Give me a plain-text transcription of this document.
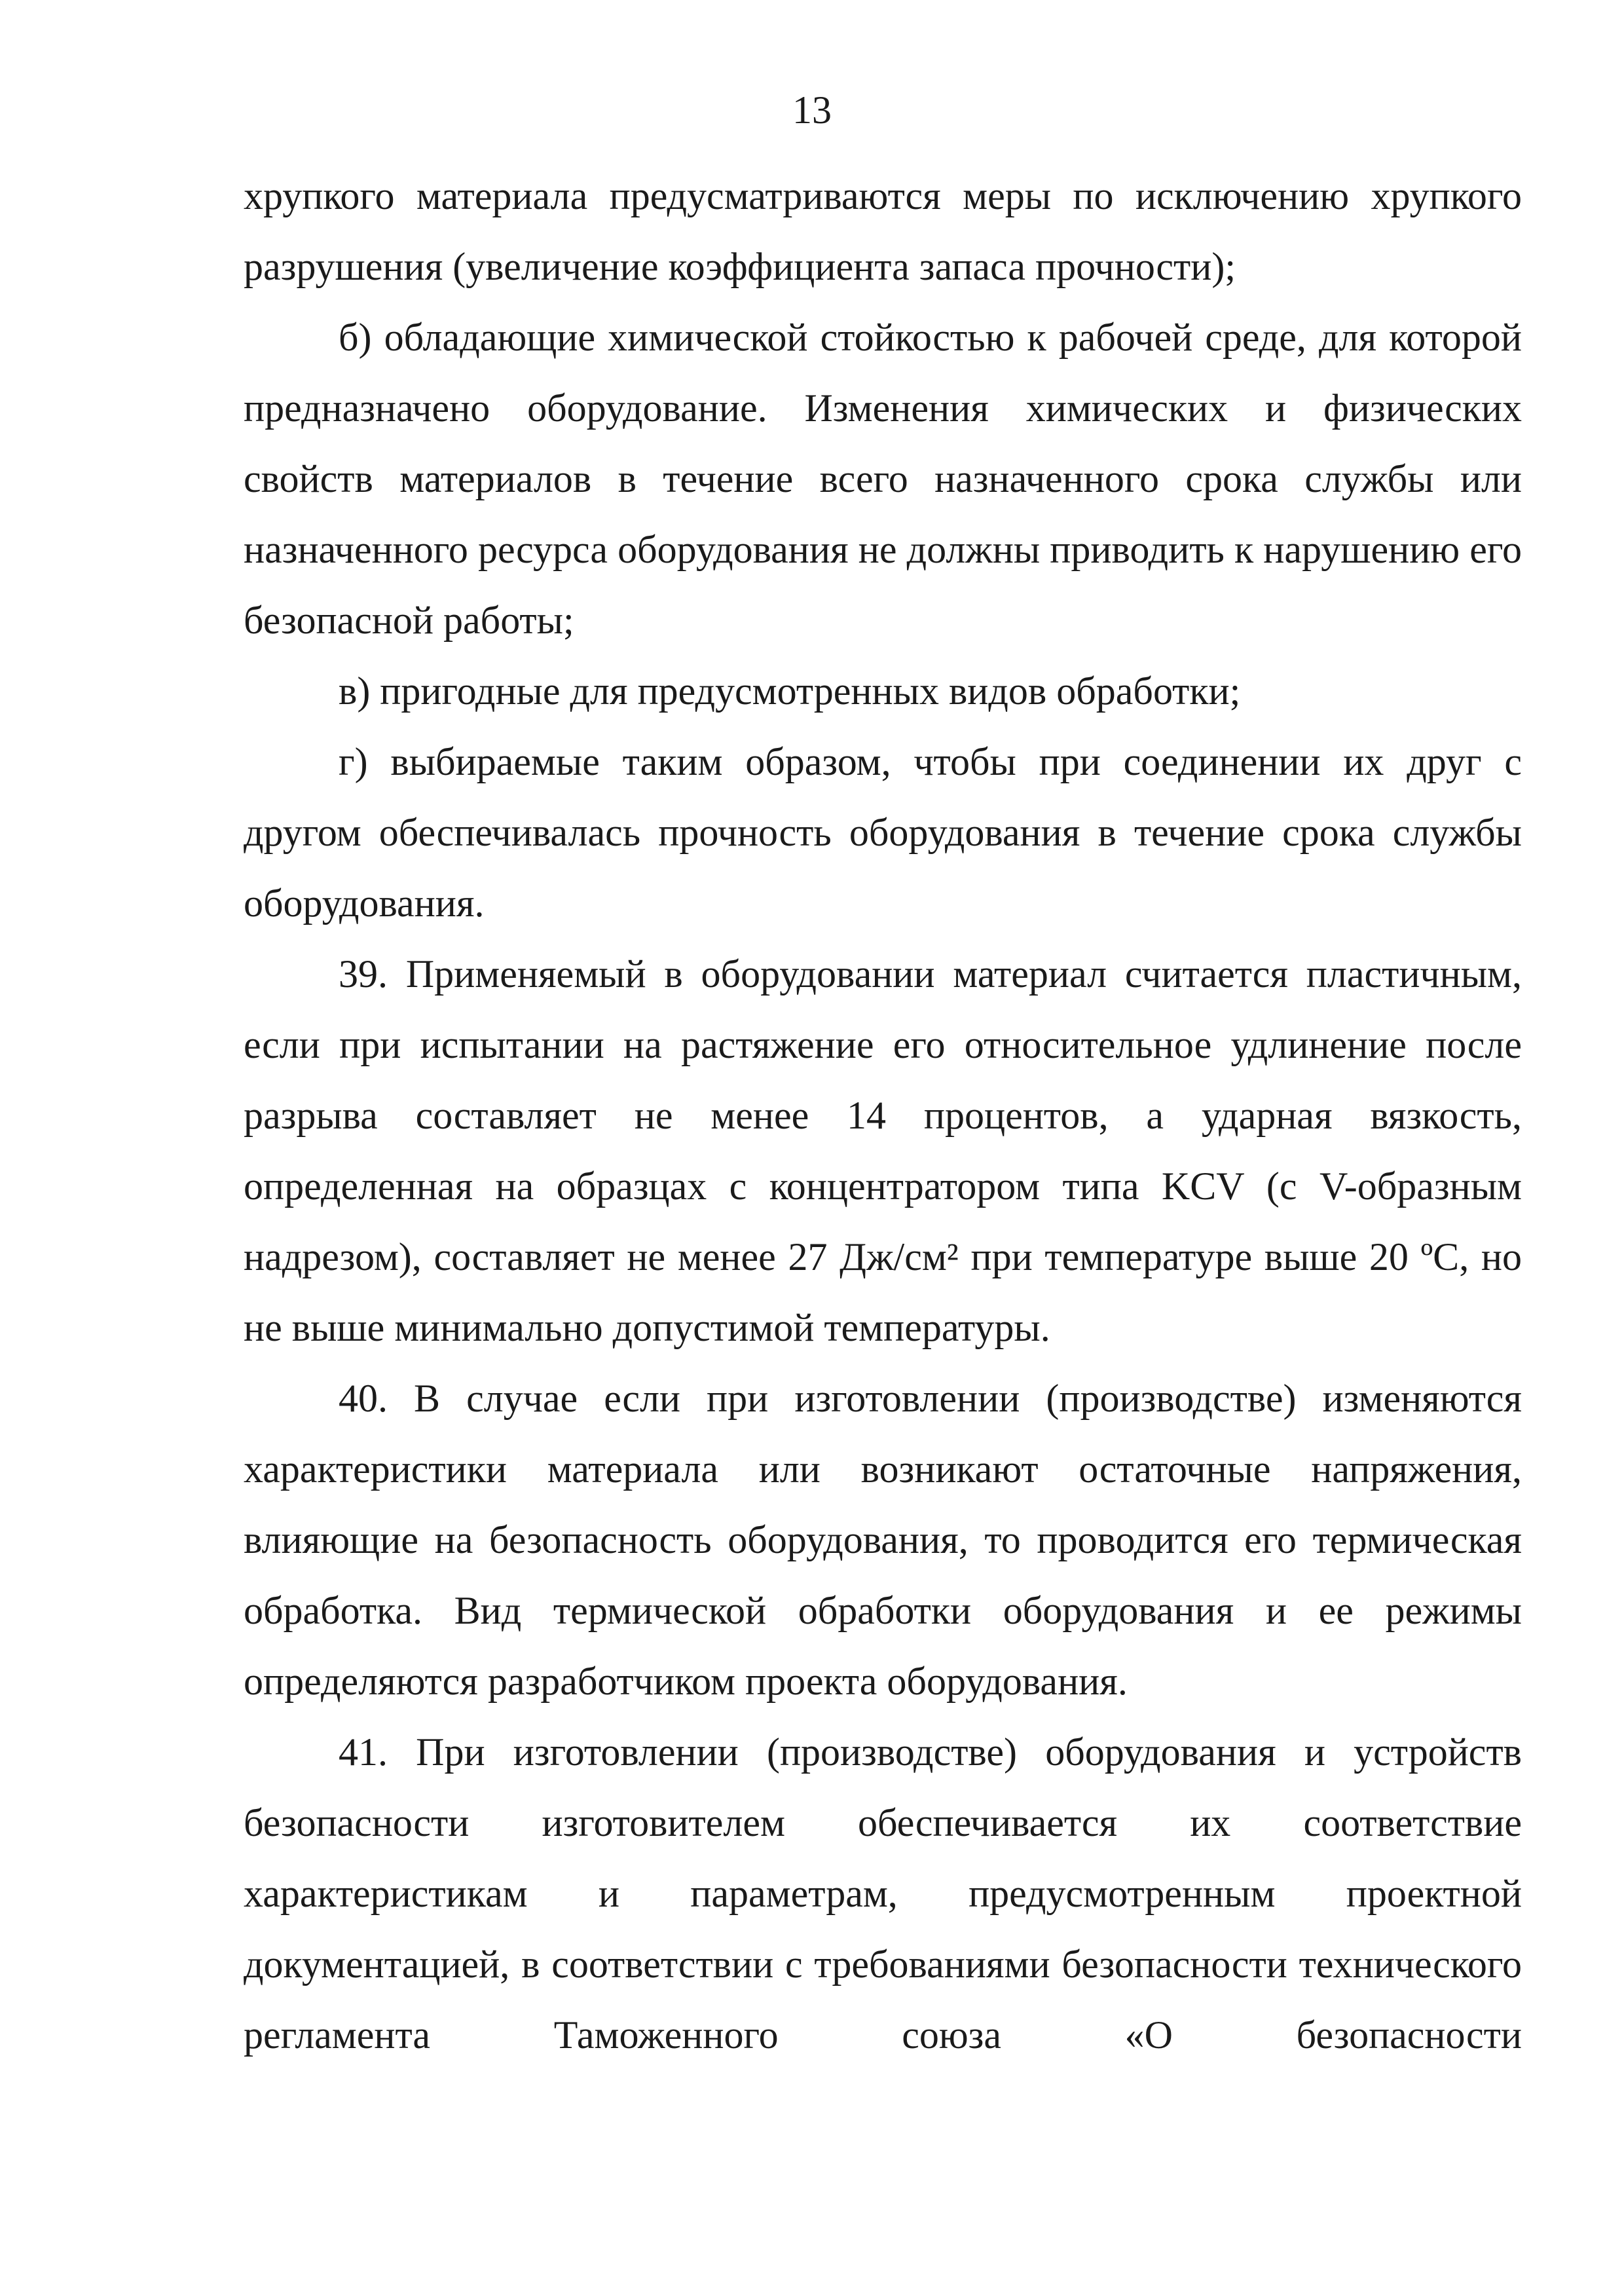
13

хрупкого материала предусматриваются меры по исключению хрупкого разрушения (увеличение коэффициента запаса прочности);

б) обладающие химической стойкостью к рабочей среде, для которой предназначено оборудование. Изменения химических и физических свойств материалов в течение всего назначенного срока службы или назначенного ресурса оборудования не должны приводить к нарушению его безопасной работы;

в) пригодные для предусмотренных видов обработки;

г) выбираемые таким образом, чтобы при соединении их друг с другом обеспечивалась прочность оборудования в течение срока службы оборудования.

39. Применяемый в оборудовании материал считается пластичным, если при испытании на растяжение его относительное удлинение после разрыва составляет не менее 14 процентов, а ударная вязкость, определенная на образцах с концентратором типа KCV (с V-образным надрезом), составляет не менее 27 Дж/см² при температуре выше 20 ºС, но не выше минимально допустимой температуры.

40. В случае если при изготовлении (производстве) изменяются характеристики материала или возникают остаточные напряжения, влияющие на безопасность оборудования, то проводится его термическая обработка. Вид термической обработки оборудования и ее режимы определяются разработчиком проекта оборудования.

41. При изготовлении (производстве) оборудования и устройств безопасности изготовителем обеспечивается их соответствие характеристикам и параметрам, предусмотренным проектной документацией, в соответствии с требованиями безопасности технического регламента Таможенного союза «О безопасности
